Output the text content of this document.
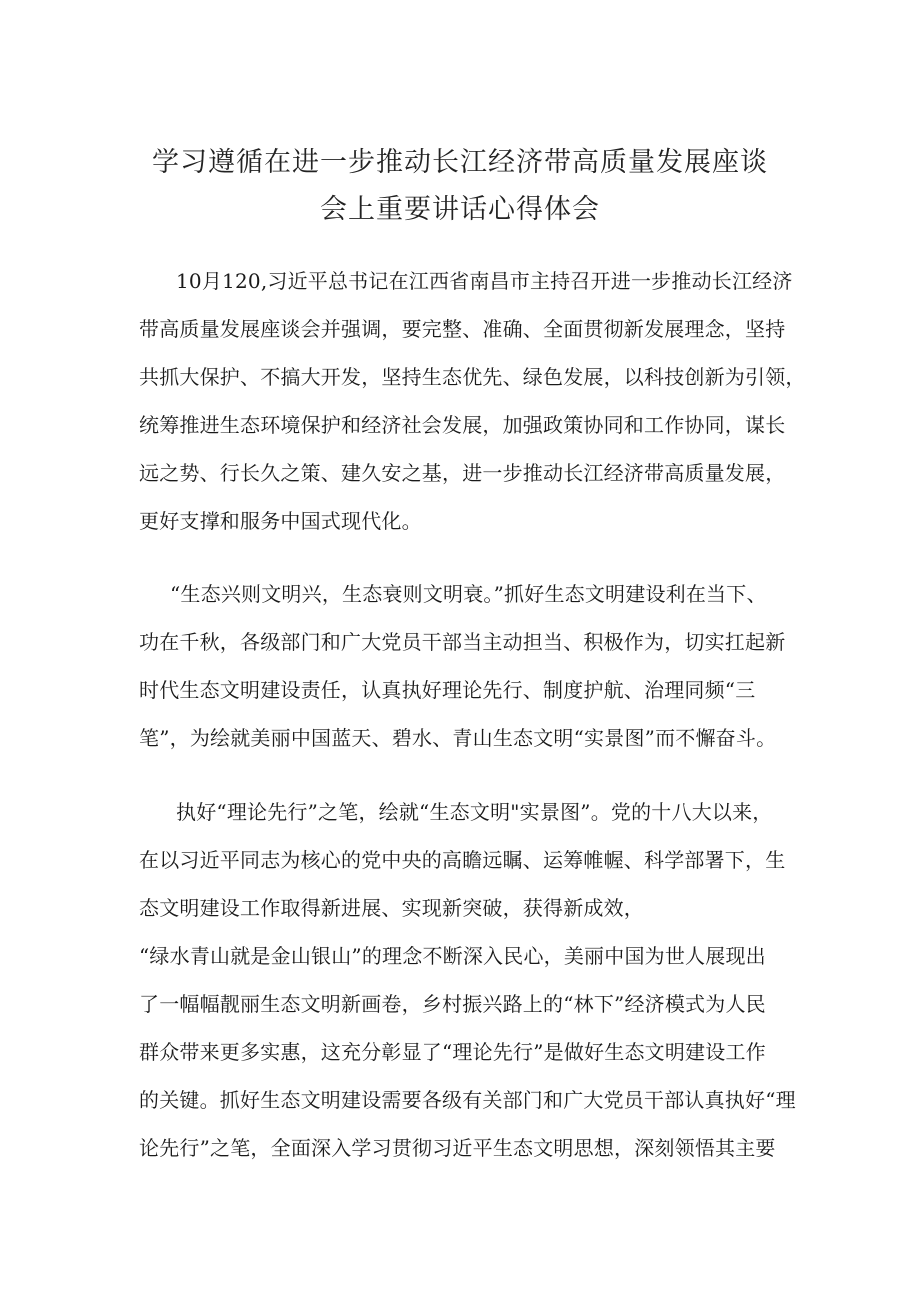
学习遵循在进一步推动长江经济带高质量发展座谈
会上重要讲话心得体会
10月120,习近平总书记在江西省南昌市主持召开进一步推动长江经济
带高质量发展座谈会并强调，要完整、准确、全面贯彻新发展理念，坚持
共抓大保护、不搞大开发，坚持生态优先、绿色发展，以科技创新为引领，
统筹推进生态环境保护和经济社会发展，加强政策协同和工作协同，谋长
远之势、行长久之策、建久安之基，进一步推动长江经济带高质量发展，
更好支撑和服务中国式现代化。
“生态兴则文明兴，生态衰则文明衰。”抓好生态文明建设利在当下、
功在千秋，各级部门和广大党员干部当主动担当、积极作为，切实扛起新
时代生态文明建设责任，认真执好理论先行、制度护航、治理同频“三
笔”，为绘就美丽中国蓝天、碧水、青山生态文明“实景图”而不懈奋斗。
执好“理论先行”之笔，绘就“生态文明"实景图”。党的十八大以来，
在以习近平同志为核心的党中央的高瞻远瞩、运筹帷幄、科学部署下，生
态文明建设工作取得新进展、实现新突破，获得新成效，
“绿水青山就是金山银山”的理念不断深入民心，美丽中国为世人展现出
了一幅幅靓丽生态文明新画卷，乡村振兴路上的“林下”经济模式为人民
群众带来更多实惠，这充分彰显了“理论先行”是做好生态文明建设工作
的关键。抓好生态文明建设需要各级有关部门和广大党员干部认真执好“理
论先行”之笔，全面深入学习贯彻习近平生态文明思想，深刻领悟其主要
